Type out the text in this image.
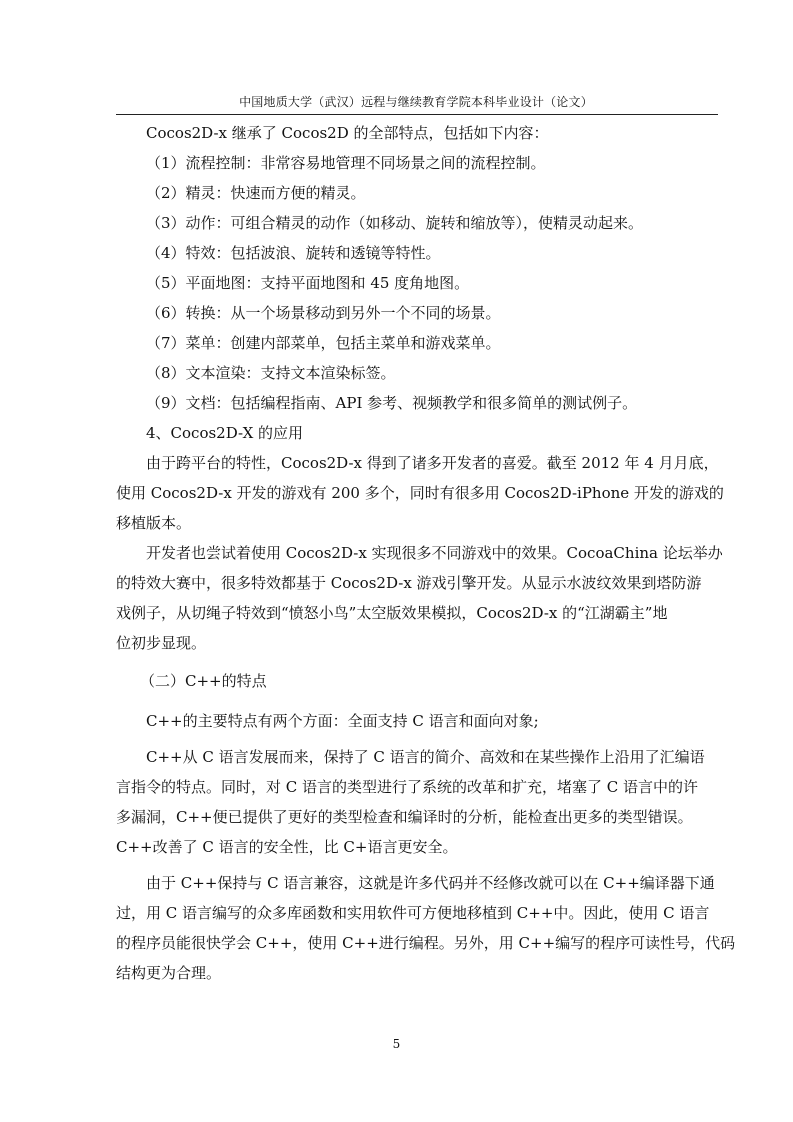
中国地质大学（武汉）远程与继续教育学院本科毕业设计（论文）
Cocos2D-x 继承了 Cocos2D 的全部特点，包括如下内容：
（1）流程控制：非常容易地管理不同场景之间的流程控制。
（2）精灵：快速而方便的精灵。
（3）动作：可组合精灵的动作（如移动、旋转和缩放等），使精灵动起来。
（4）特效：包括波浪、旋转和透镜等特性。
（5）平面地图：支持平面地图和 45 度角地图。
（6）转换：从一个场景移动到另外一个不同的场景。
（7）菜单：创建内部菜单，包括主菜单和游戏菜单。
（8）文本渲染：支持文本渲染标签。
（9）文档：包括编程指南、API 参考、视频教学和很多简单的测试例子。
4、Cocos2D-X 的应用
由于跨平台的特性，Cocos2D-x 得到了诸多开发者的喜爱。截至 2012 年 4 月月底，
使用 Cocos2D-x 开发的游戏有 200 多个，同时有很多用 Cocos2D-iPhone 开发的游戏的
移植版本。
开发者也尝试着使用 Cocos2D-x 实现很多不同游戏中的效果。CocoaChina 论坛举办
的特效大赛中，很多特效都基于 Cocos2D-x 游戏引擎开发。从显示水波纹效果到塔防游
戏例子，从切绳子特效到“愤怒小鸟”太空版效果模拟，Cocos2D-x 的“江湖霸主”地
位初步显现。
（二）C++的特点
C++的主要特点有两个方面：全面支持 C 语言和面向对象;
C++从 C 语言发展而来，保持了 C 语言的简介、高效和在某些操作上沿用了汇编语
言指令的特点。同时，对 C 语言的类型进行了系统的改革和扩充，堵塞了 C 语言中的许
多漏洞，C++便已提供了更好的类型检查和编译时的分析，能检查出更多的类型错误。
C++改善了 C 语言的安全性，比 C+语言更安全。
由于 C++保持与 C 语言兼容，这就是许多代码并不经修改就可以在 C++编译器下通
过，用 C 语言编写的众多库函数和实用软件可方便地移植到 C++中。因此，使用 C 语言
的程序员能很快学会 C++，使用 C++进行编程。另外，用 C++编写的程序可读性号，代码
结构更为合理。
5
